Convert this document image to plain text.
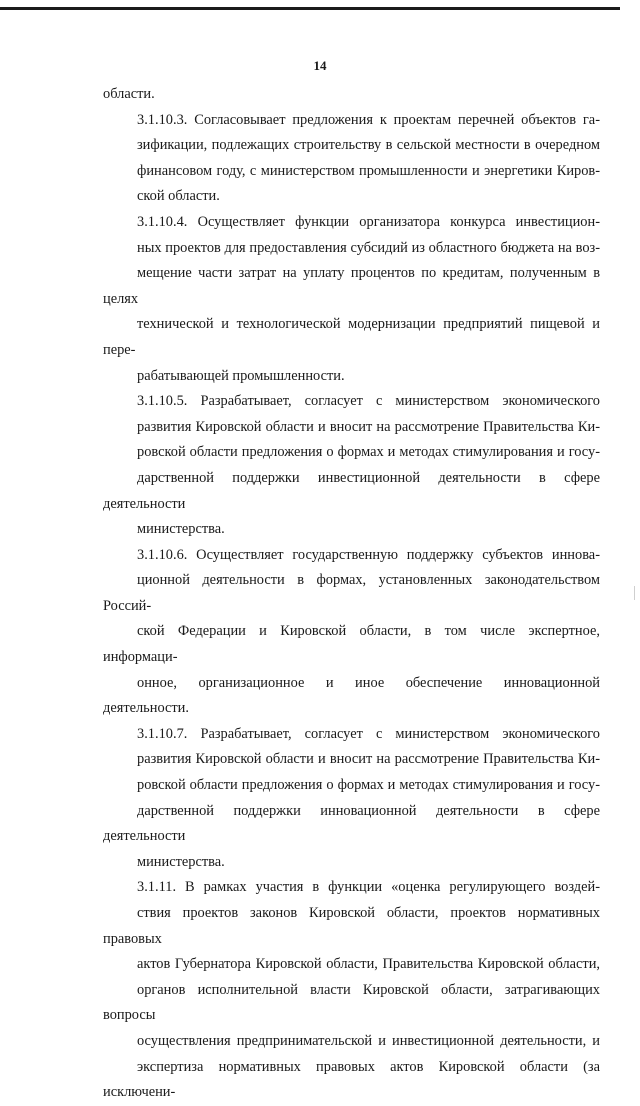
14

области.

3.1.10.3. Согласовывает предложения к проектам перечней объектов га-
зификации, подлежащих строительству в сельской местности в очередном
финансовом году, с министерством промышленности и энергетики Киров-
ской области.

3.1.10.4. Осуществляет функции организатора конкурса инвестицион-
ных проектов для предоставления субсидий из областного бюджета на воз-
мещение части затрат на уплату процентов по кредитам, полученным в целях
технической и технологической модернизации предприятий пищевой и пере-
рабатывающей промышленности.

3.1.10.5. Разрабатывает, согласует с министерством экономического
развития Кировской области и вносит на рассмотрение Правительства Ки-
ровской области предложения о формах и методах стимулирования и госу-
дарственной поддержки инвестиционной деятельности в сфере деятельности
министерства.

3.1.10.6. Осуществляет государственную поддержку субъектов иннова-
ционной деятельности в формах, установленных законодательством Россий-
ской Федерации и Кировской области, в том числе экспертное, информаци-
онное, организационное и иное обеспечение инновационной деятельности.

3.1.10.7. Разрабатывает, согласует с министерством экономического
развития Кировской области и вносит на рассмотрение Правительства Ки-
ровской области предложения о формах и методах стимулирования и госу-
дарственной поддержки инновационной деятельности в сфере деятельности
министерства.

3.1.11. В рамках участия в функции «оценка регулирующего воздей-
ствия проектов законов Кировской области, проектов нормативных правовых
актов Губернатора Кировской области, Правительства Кировской области,
органов исполнительной власти Кировской области, затрагивающих вопросы
осуществления предпринимательской и инвестиционной деятельности, и
экспертиза нормативных правовых актов Кировской области (за исключени-
